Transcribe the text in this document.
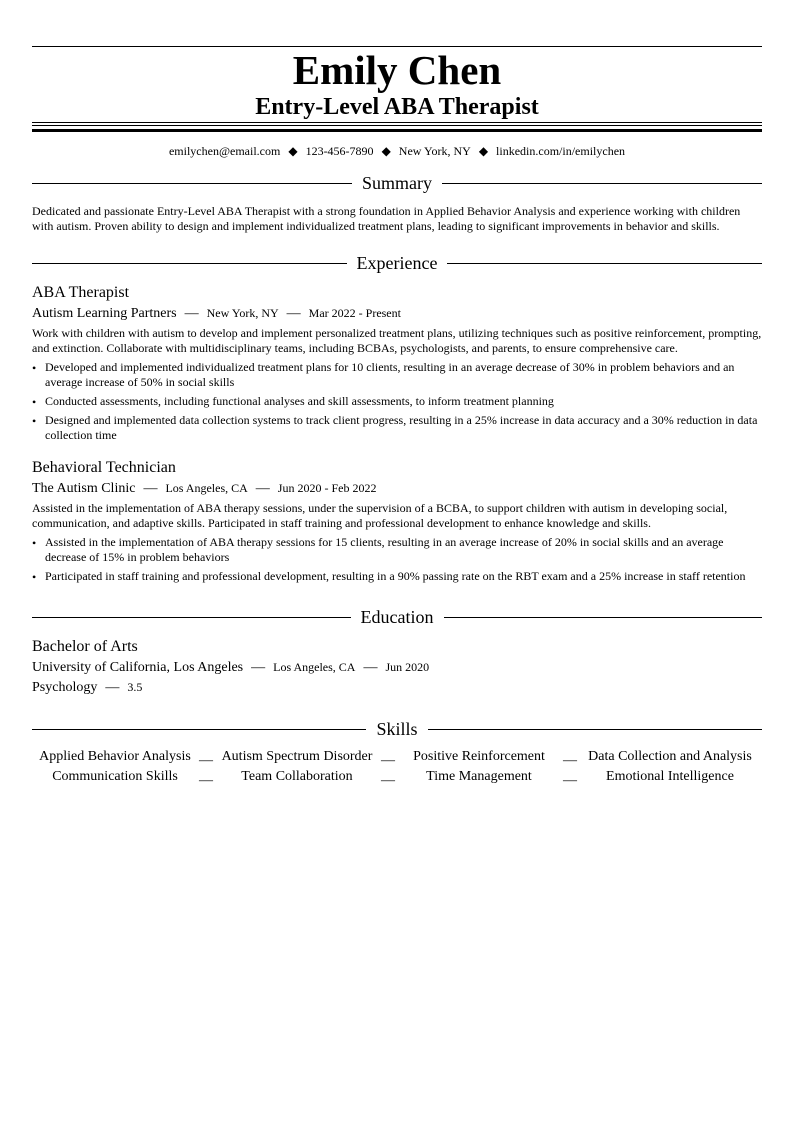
Emily Chen
Entry-Level ABA Therapist
emilychen@email.com ◆ 123-456-7890 ◆ New York, NY ◆ linkedin.com/in/emilychen
Summary
Dedicated and passionate Entry-Level ABA Therapist with a strong foundation in Applied Behavior Analysis and experience working with children with autism. Proven ability to design and implement individualized treatment plans, leading to significant improvements in behavior and skills.
Experience
ABA Therapist
Autism Learning Partners — New York, NY — Mar 2022 - Present
Work with children with autism to develop and implement personalized treatment plans, utilizing techniques such as positive reinforcement, prompting, and extinction. Collaborate with multidisciplinary teams, including BCBAs, psychologists, and parents, to ensure comprehensive care.
• Developed and implemented individualized treatment plans for 10 clients, resulting in an average decrease of 30% in problem behaviors and an average increase of 50% in social skills
• Conducted assessments, including functional analyses and skill assessments, to inform treatment planning
• Designed and implemented data collection systems to track client progress, resulting in a 25% increase in data accuracy and a 30% reduction in data collection time
Behavioral Technician
The Autism Clinic — Los Angeles, CA — Jun 2020 - Feb 2022
Assisted in the implementation of ABA therapy sessions, under the supervision of a BCBA, to support children with autism in developing social, communication, and adaptive skills. Participated in staff training and professional development to enhance knowledge and skills.
• Assisted in the implementation of ABA therapy sessions for 15 clients, resulting in an average increase of 20% in social skills and an average decrease of 15% in problem behaviors
• Participated in staff training and professional development, resulting in a 90% passing rate on the RBT exam and a 25% increase in staff retention
Education
Bachelor of Arts
University of California, Los Angeles — Los Angeles, CA — Jun 2020
Psychology — 3.5
Skills
Applied Behavior Analysis — Autism Spectrum Disorder —	Positive Reinforcement	— Data Collection and Analysis
Communication Skills	—	Team Collaboration	—	Time Management	—	Emotional Intelligence
